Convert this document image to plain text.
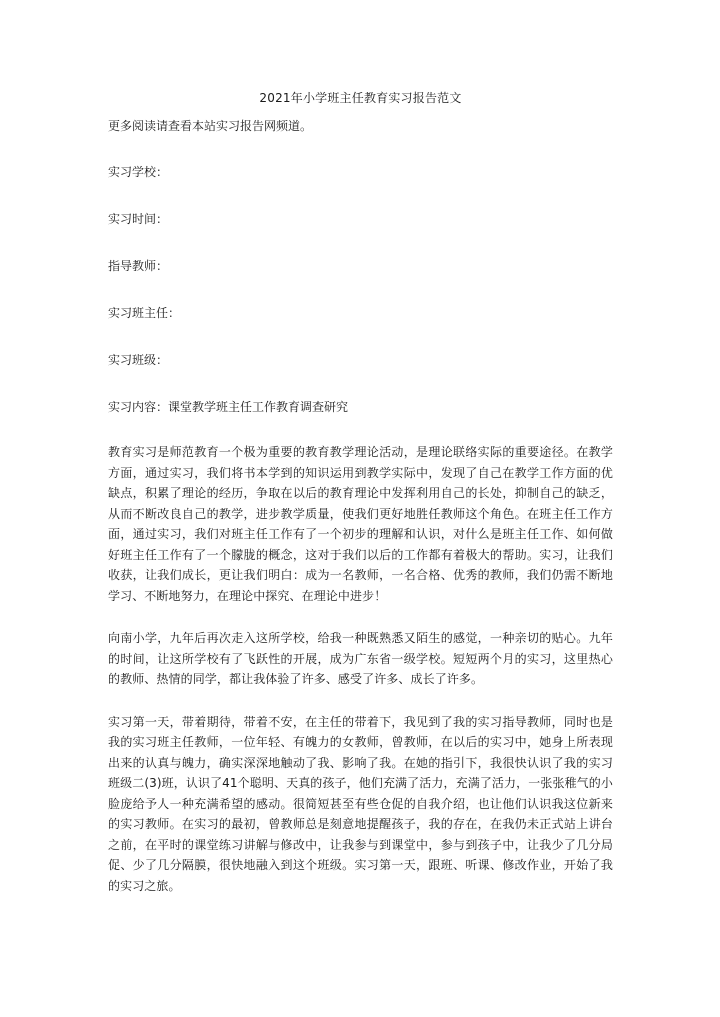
2021年小学班主任教育实习报告范文

更多阅读请查看本站实习报告网频道。

实习学校：

实习时间：

指导教师：

实习班主任：

实习班级：

实习内容：课堂教学班主任工作教育调查研究

教育实习是师范教育一个极为重要的教育教学理论活动，是理论联络实际的重要途径。在教学方面，通过实习，我们将书本学到的知识运用到教学实际中，发现了自己在教学工作方面的优缺点，积累了理论的经历，争取在以后的教育理论中发挥利用自己的长处，抑制自己的缺乏，从而不断改良自己的教学，进步教学质量，使我们更好地胜任教师这个角色。在班主任工作方面，通过实习，我们对班主任工作有了一个初步的理解和认识，对什么是班主任工作、如何做好班主任工作有了一个朦胧的概念，这对于我们以后的工作都有着极大的帮助。实习，让我们收获，让我们成长，更让我们明白：成为一名教师，一名合格、优秀的教师，我们仍需不断地学习、不断地努力，在理论中探究、在理论中进步！

向南小学，九年后再次走入这所学校，给我一种既熟悉又陌生的感觉，一种亲切的贴心。九年的时间，让这所学校有了飞跃性的开展，成为广东省一级学校。短短两个月的实习，这里热心的教师、热情的同学，都让我体验了许多、感受了许多、成长了许多。

实习第一天，带着期待，带着不安，在主任的带着下，我见到了我的实习指导教师，同时也是我的实习班主任教师，一位年轻、有魄力的女教师，曾教师，在以后的实习中，她身上所表现出来的认真与魄力，确实深深地触动了我、影响了我。在她的指引下，我很快认识了我的实习班级二(3)班，认识了41个聪明、天真的孩子，他们充满了活力，充满了活力，一张张稚气的小脸庞给予人一种充满希望的感动。很简短甚至有些仓促的自我介绍，也让他们认识我这位新来的实习教师。在实习的最初，曾教师总是刻意地提醒孩子，我的存在，在我仍未正式站上讲台之前，在平时的课堂练习讲解与修改中，让我参与到课堂中，参与到孩子中，让我少了几分局促、少了几分隔膜，很快地融入到这个班级。实习第一天，跟班、听课、修改作业，开始了我的实习之旅。
